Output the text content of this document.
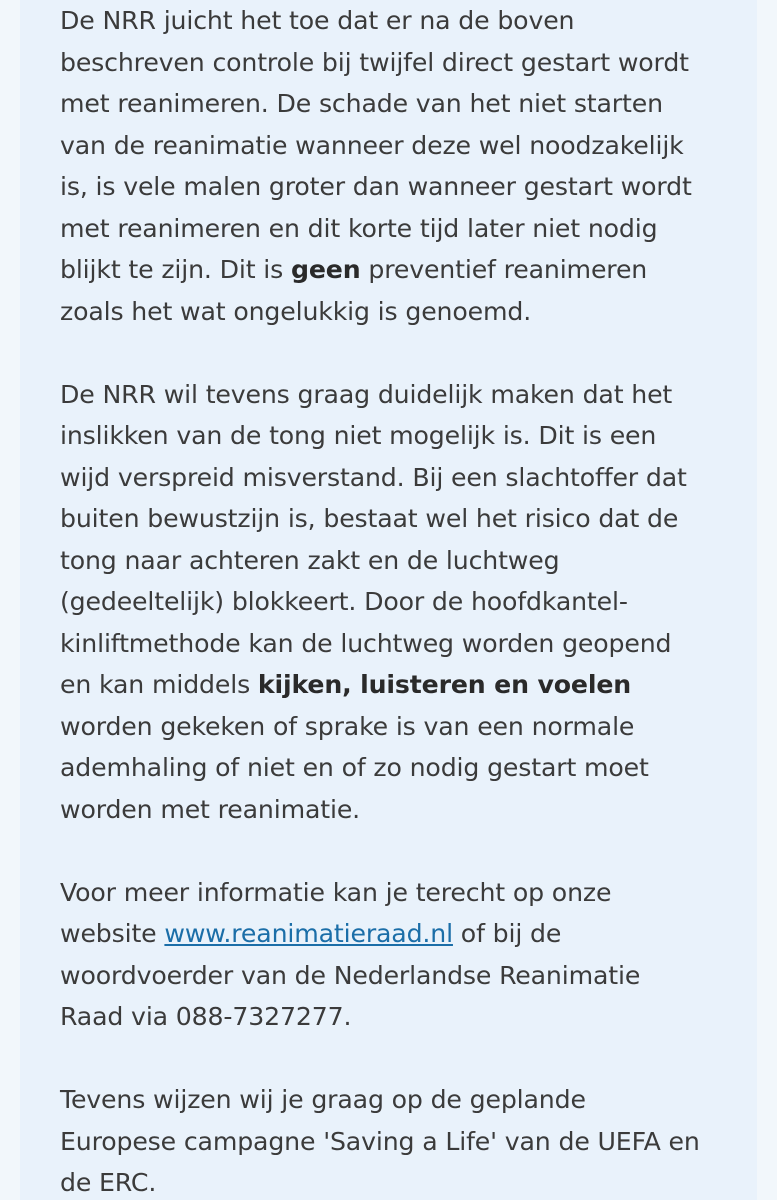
De NRR juicht het toe dat er na de boven
beschreven controle bij twijfel direct gestart wordt
met reanimeren. De schade van het niet starten
van de reanimatie wanneer deze wel noodzakelijk
is, is vele malen groter dan wanneer gestart wordt
met reanimeren en dit korte tijd later niet nodig
blijkt te zijn. Dit is geen preventief reanimeren
zoals het wat ongelukkig is genoemd.
De NRR wil tevens graag duidelijk maken dat het
inslikken van de tong niet mogelijk is. Dit is een
wijd verspreid misverstand. Bij een slachtoffer dat
buiten bewustzijn is, bestaat wel het risico dat de
tong naar achteren zakt en de luchtweg
(gedeeltelijk) blokkeert. Door de hoofdkantel-
kinliftmethode kan de luchtweg worden geopend
en kan middels kijken, luisteren en voelen
worden gekeken of sprake is van een normale
ademhaling of niet en of zo nodig gestart moet
worden met reanimatie.
Voor meer informatie kan je terecht op onze
website www.reanimatieraad.nl of bij de
woordvoerder van de Nederlandse Reanimatie
Raad via 088-7327277.
Tevens wijzen wij je graag op de geplande
Europese campagne 'Saving a Life' van de UEFA en
de ERC.
